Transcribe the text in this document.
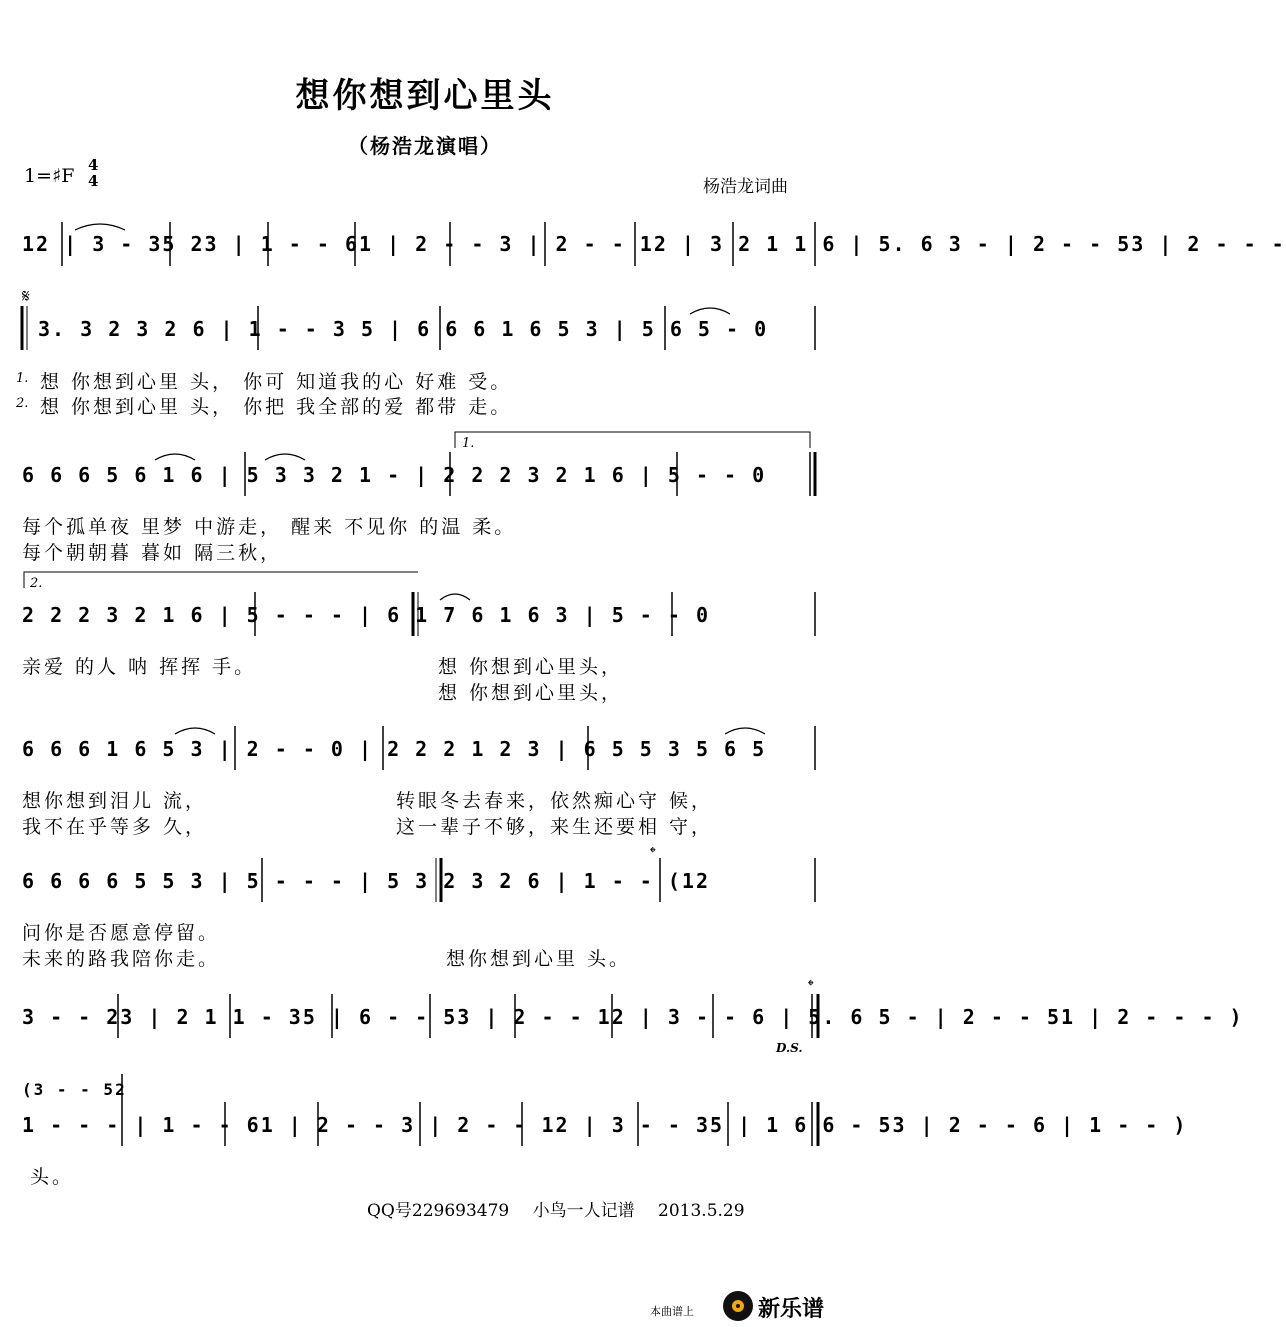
想你想到心里头
（杨浩龙演唱）
1=♯F 4
4	杨浩龙词曲
12 | 3 - 35 23 | 1 - - 61 | 2 - - 3 | 2 - - 12 | 3 2 1 1 6 | 5. 6 3 - | 2 - - 53 | 2 - - -
𝄋
3. 3 2 3 2 6 | 1 - - 3 5 | 6 6 6 1 6 5 3 | 5 6 5 - 0
1.
2.
想 你想到心里 头， 你可 知道我的心 好难 受。
想 你想到心里 头， 你把 我全部的爱 都带 走。
1.
6 6 6 5 6 1 6 | 5 3 3 2 1 - | 2 2 2 3 2 1 6 | 5 - - 0
每个孤单夜 里梦 中游走， 醒来 不见你 的温 柔。
每个朝朝暮 暮如 隔三秋，
2.
2 2 2 3 2 1 6 | 5 - - - | 6 1 7 6 1 6 3 | 5 - - 0
亲爱 的人 呐 挥挥 手。	想 你想到心里头，
想 你想到心里头，
6 6 6 1 6 5 3 | 2 - - 0 | 2 2 2 1 2 3 | 6 5 5 3 5 6 5
想你想到泪儿 流，
我不在乎等多 久，
转眼冬去春来，依然痴心守 候，
这一辈子不够，来生还要相 守，
𝄌
6 6 6 6 5 5 3 | 5 - - - | 5 3 2 3 2 6 | 1 - - (12
问你是否愿意停留。
未来的路我陪你走。	想你想到心里 头。
𝄌
3 - - 23 | 2 1 1 - 35 | 6 - - 53 | 2 - - 12 | 3 - - 6 | 5. 6 5 - | 2 - - 51 | 2 - - - )
D.S.
(3 - - 52
1 - - - | 1 - - 61 | 2 - - 3 | 2 - - 12 | 3 - - 35 | 1 6 6 - 53 | 2 - - 6 | 1 - - )
头。
QQ号229693479 小鸟一人记谱 2013.5.29
本曲谱上	新乐谱
